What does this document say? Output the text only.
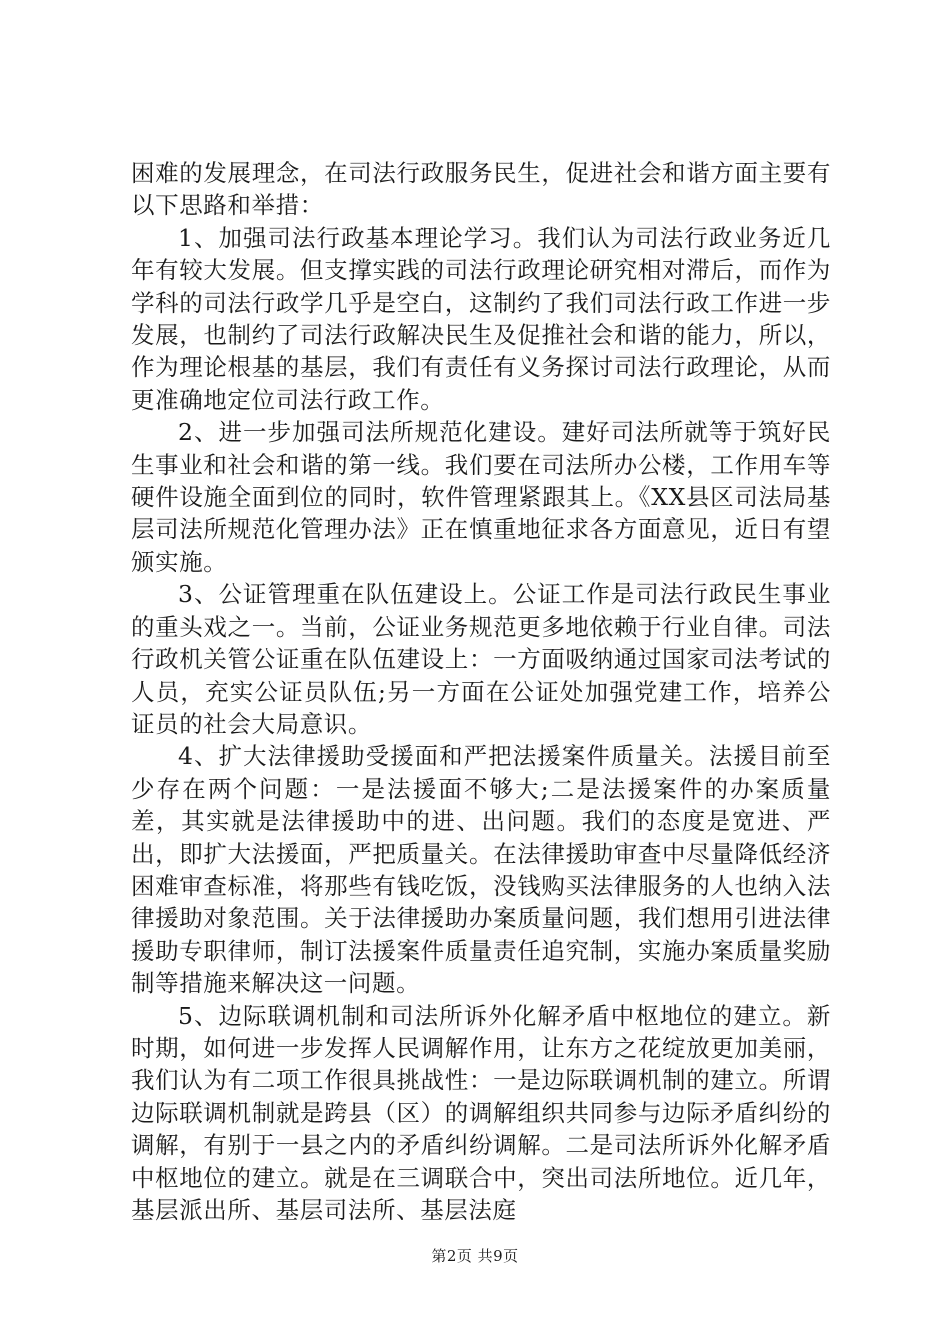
困难的发展理念，在司法行政服务民生，促进社会和谐方面主要有以下思路和举措：

1、加强司法行政基本理论学习。我们认为司法行政业务近几年有较大发展。但支撑实践的司法行政理论研究相对滞后，而作为学科的司法行政学几乎是空白，这制约了我们司法行政工作进一步发展，也制约了司法行政解决民生及促推社会和谐的能力，所以，作为理论根基的基层，我们有责任有义务探讨司法行政理论，从而更准确地定位司法行政工作。

2、进一步加强司法所规范化建设。建好司法所就等于筑好民生事业和社会和谐的第一线。我们要在司法所办公楼，工作用车等硬件设施全面到位的同时，软件管理紧跟其上。《XX县区司法局基层司法所规范化管理办法》正在慎重地征求各方面意见，近日有望颁实施。

3、公证管理重在队伍建设上。公证工作是司法行政民生事业的重头戏之一。当前，公证业务规范更多地依赖于行业自律。司法行政机关管公证重在队伍建设上：一方面吸纳通过国家司法考试的人员，充实公证员队伍;另一方面在公证处加强党建工作，培养公证员的社会大局意识。

4、扩大法律援助受援面和严把法援案件质量关。法援目前至少存在两个问题：一是法援面不够大;二是法援案件的办案质量差，其实就是法律援助中的进、出问题。我们的态度是宽进、严出，即扩大法援面，严把质量关。在法律援助审查中尽量降低经济困难审查标准，将那些有钱吃饭，没钱购买法律服务的人也纳入法律援助对象范围。关于法律援助办案质量问题，我们想用引进法律援助专职律师，制订法援案件质量责任追究制，实施办案质量奖励制等措施来解决这一问题。

5、边际联调机制和司法所诉外化解矛盾中枢地位的建立。新时期，如何进一步发挥人民调解作用，让东方之花绽放更加美丽，我们认为有二项工作很具挑战性：一是边际联调机制的建立。所谓边际联调机制就是跨县（区）的调解组织共同参与边际矛盾纠纷的调解，有别于一县之内的矛盾纠纷调解。二是司法所诉外化解矛盾中枢地位的建立。就是在三调联合中，突出司法所地位。近几年，基层派出所、基层司法所、基层法庭

第2页 共9页
